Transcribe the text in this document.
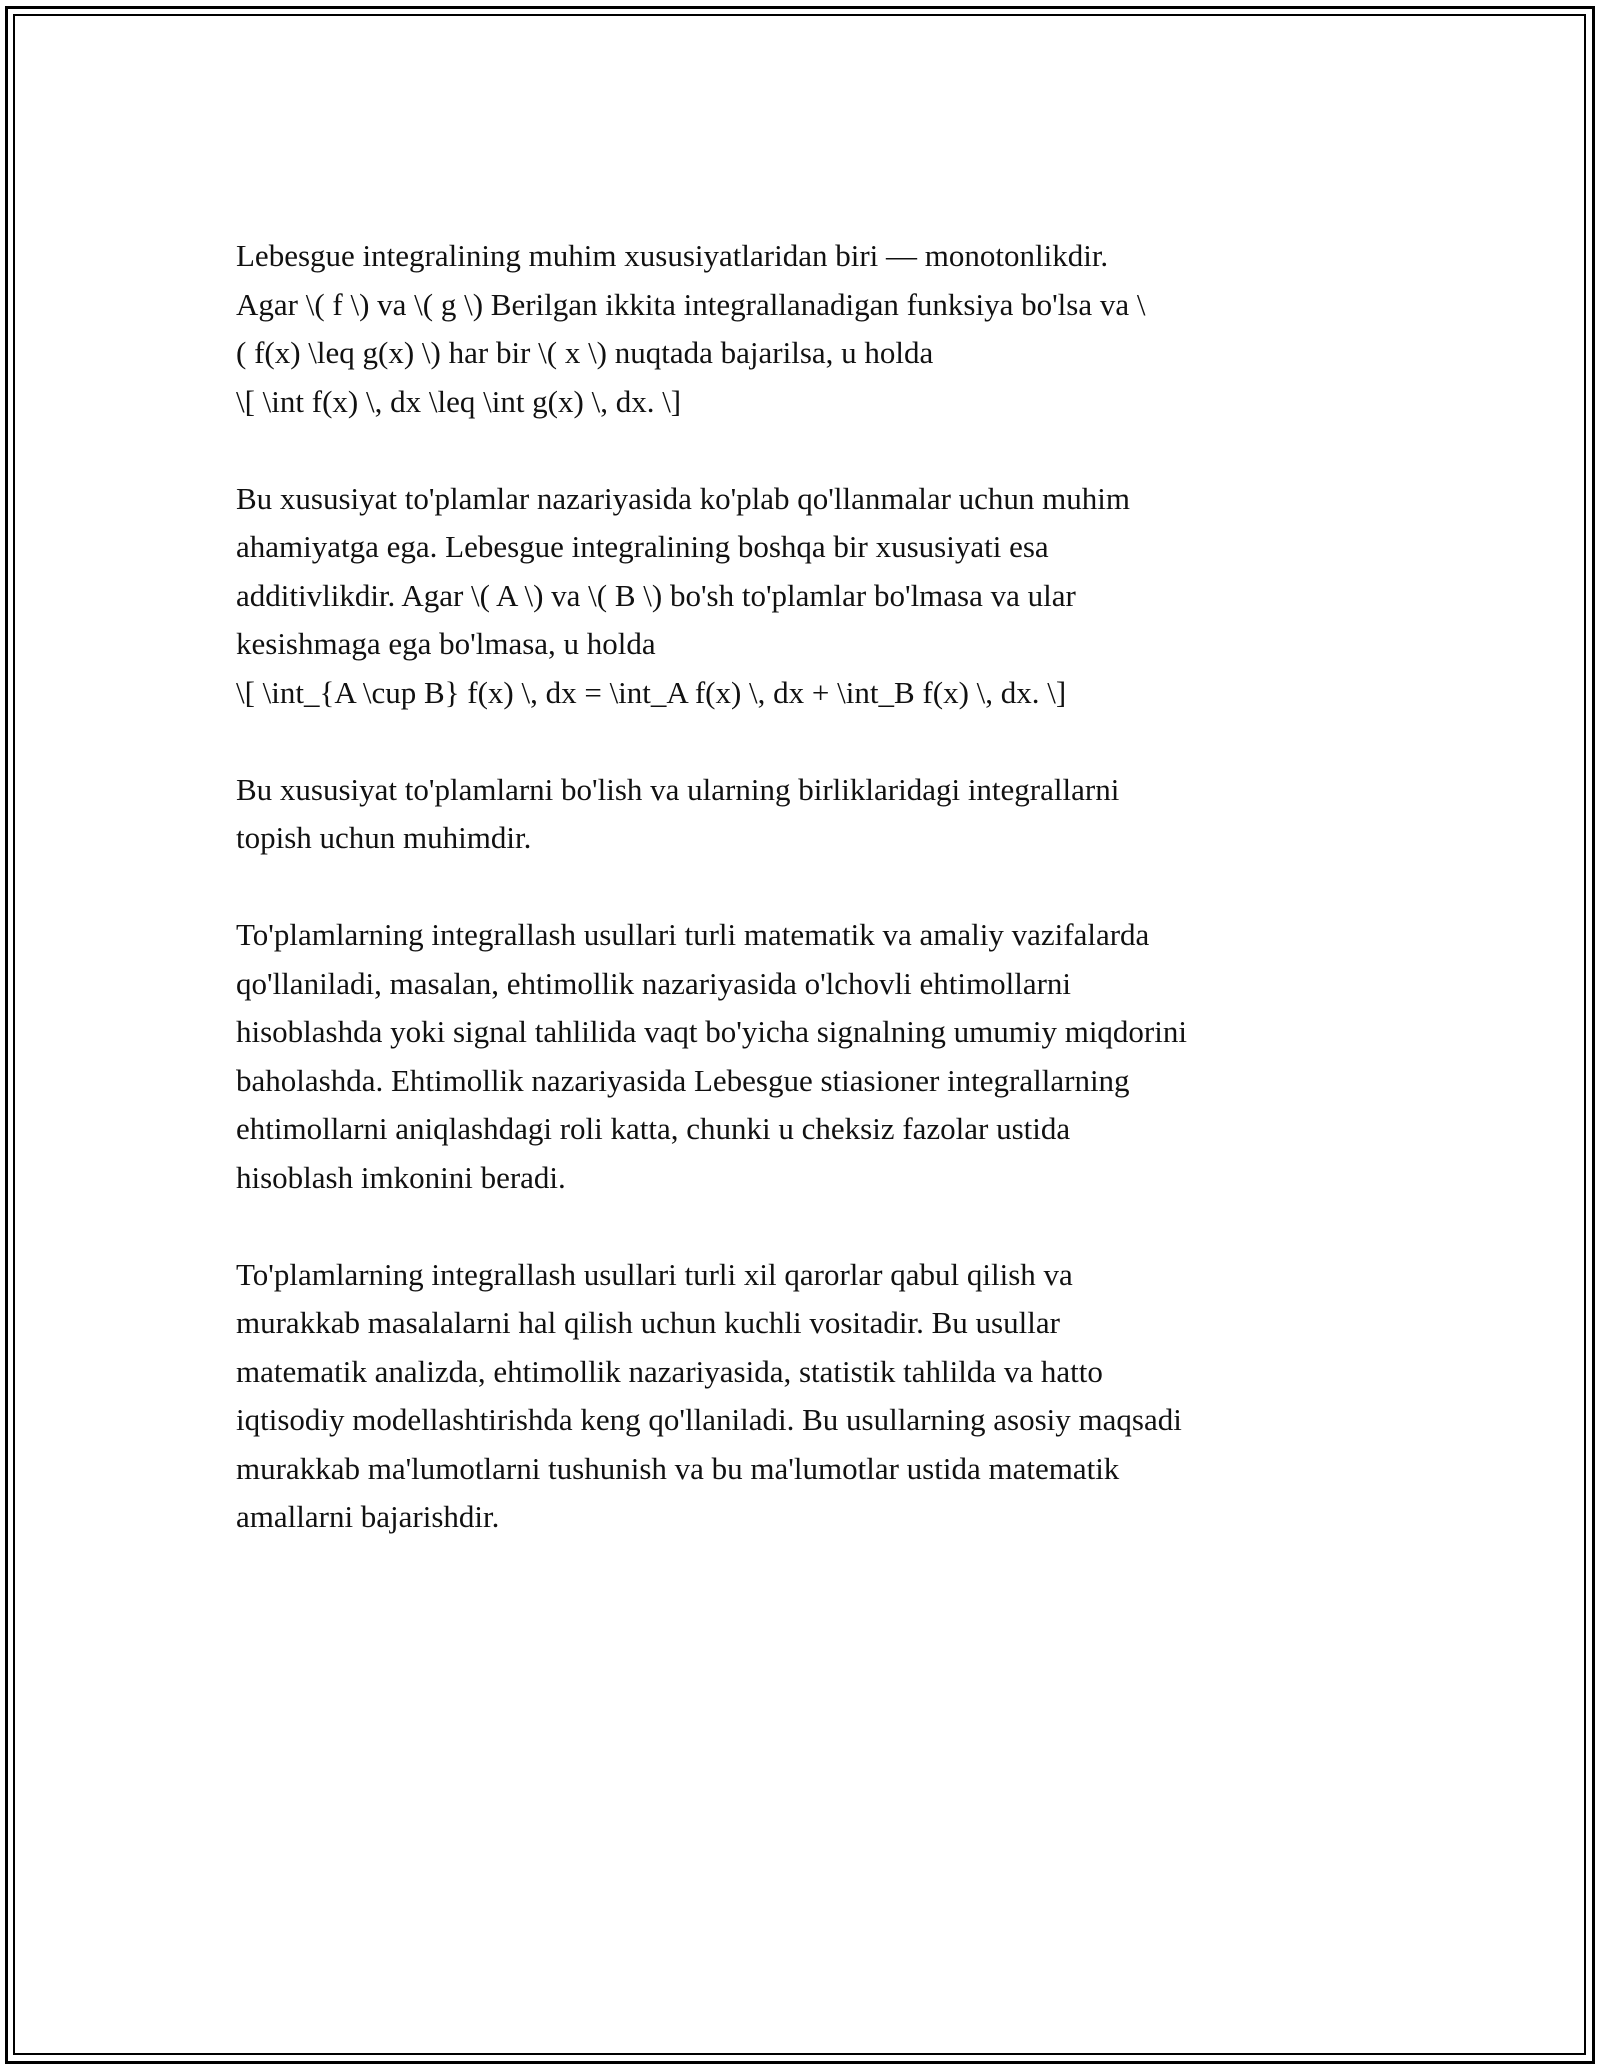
Lebesgue integralining muhim xususiyatlaridan biri — monotonlikdir.
Agar \( f \) va \( g \) Berilgan ikkita integrallanadigan funksiya bo'lsa va \
( f(x) \leq g(x) \) har bir \( x \) nuqtada bajarilsa, u holda
\[ \int f(x) \, dx \leq \int g(x) \, dx. \]

Bu xususiyat to'plamlar nazariyasida ko'plab qo'llanmalar uchun muhim
ahamiyatga ega. Lebesgue integralining boshqa bir xususiyati esa
additivlikdir. Agar \( A \) va \( B \) bo'sh to'plamlar bo'lmasa va ular
kesishmaga ega bo'lmasa, u holda
\[ \int_{A \cup B} f(x) \, dx = \int_A f(x) \, dx + \int_B f(x) \, dx. \]

Bu xususiyat to'plamlarni bo'lish va ularning birliklaridagi integrallarni
topish uchun muhimdir.

To'plamlarning integrallash usullari turli matematik va amaliy vazifalarda
qo'llaniladi, masalan, ehtimollik nazariyasida o'lchovli ehtimollarni
hisoblashda yoki signal tahlilida vaqt bo'yicha signalning umumiy miqdorini
baholashda. Ehtimollik nazariyasida Lebesgue stiasioner integrallarning
ehtimollarni aniqlashdagi roli katta, chunki u cheksiz fazolar ustida
hisoblash imkonini beradi.

To'plamlarning integrallash usullari turli xil qarorlar qabul qilish va
murakkab masalalarni hal qilish uchun kuchli vositadir. Bu usullar
matematik analizda, ehtimollik nazariyasida, statistik tahlilda va hatto
iqtisodiy modellashtirishda keng qo'llaniladi. Bu usullarning asosiy maqsadi
murakkab ma'lumotlarni tushunish va bu ma'lumotlar ustida matematik
amallarni bajarishdir.
